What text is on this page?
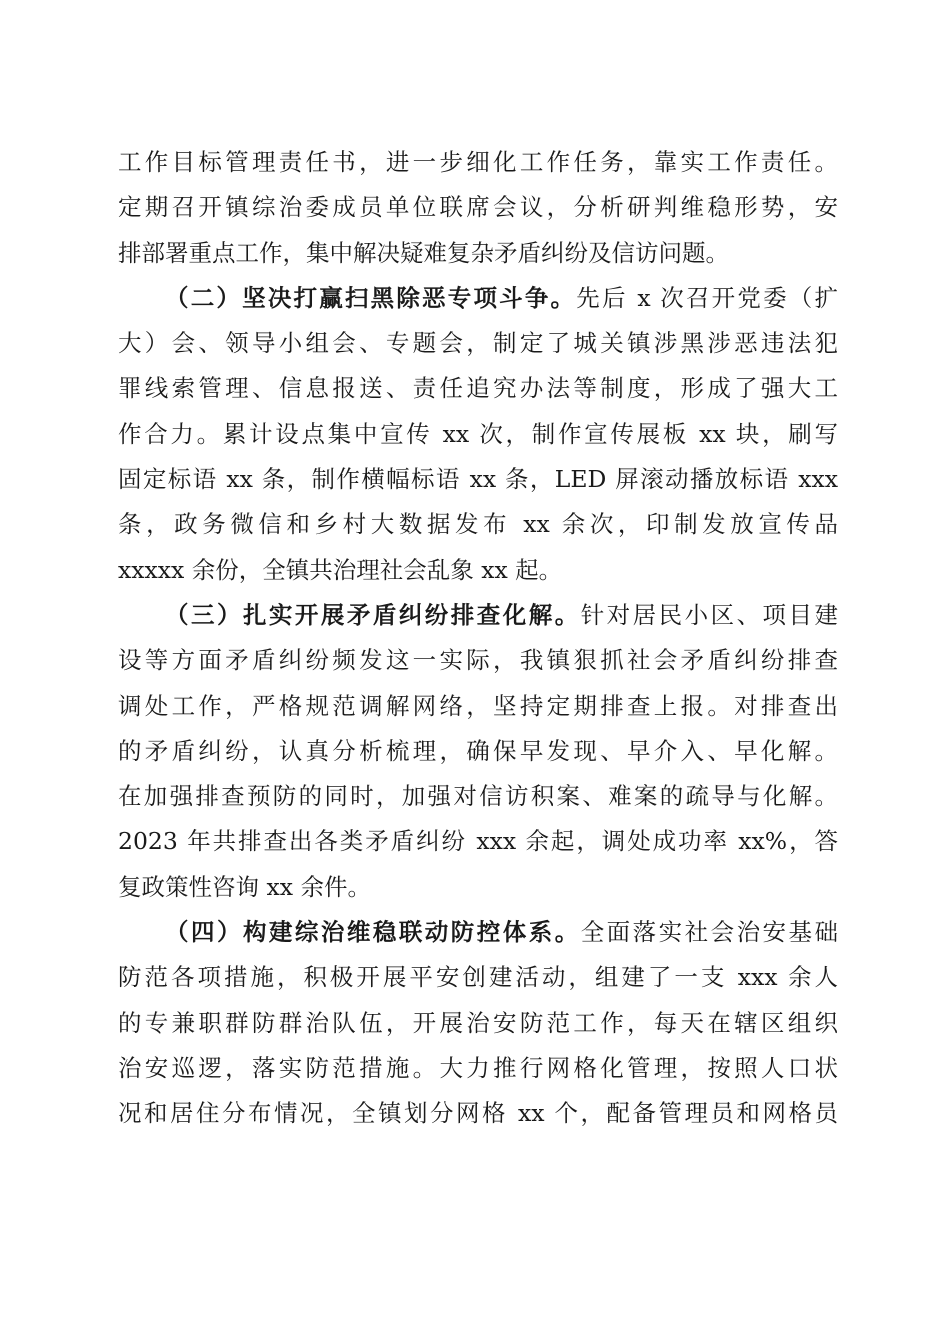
工作目标管理责任书，进一步细化工作任务，靠实工作责任。
定期召开镇综治委成员单位联席会议，分析研判维稳形势，安
排部署重点工作，集中解决疑难复杂矛盾纠纷及信访问题。
（二）坚决打赢扫黑除恶专项斗争。先后 x 次召开党委（扩
大）会、领导小组会、专题会，制定了城关镇涉黑涉恶违法犯
罪线索管理、信息报送、责任追究办法等制度，形成了强大工
作合力。累计设点集中宣传 xx 次，制作宣传展板 xx 块，刷写
固定标语 xx 条，制作横幅标语 xx 条，LED 屏滚动播放标语 xxx
条，政务微信和乡村大数据发布 xx 余次，印制发放宣传品
xxxxx 余份，全镇共治理社会乱象 xx 起。
（三）扎实开展矛盾纠纷排查化解。针对居民小区、项目建
设等方面矛盾纠纷频发这一实际，我镇狠抓社会矛盾纠纷排查
调处工作，严格规范调解网络，坚持定期排查上报。对排查出
的矛盾纠纷，认真分析梳理，确保早发现、早介入、早化解。
在加强排查预防的同时，加强对信访积案、难案的疏导与化解。
2023 年共排查出各类矛盾纠纷 xxx 余起，调处成功率 xx%，答
复政策性咨询 xx 余件。
（四）构建综治维稳联动防控体系。全面落实社会治安基础
防范各项措施，积极开展平安创建活动，组建了一支 xxx 余人
的专兼职群防群治队伍，开展治安防范工作，每天在辖区组织
治安巡逻，落实防范措施。大力推行网格化管理，按照人口状
况和居住分布情况，全镇划分网格 xx 个，配备管理员和网格员
